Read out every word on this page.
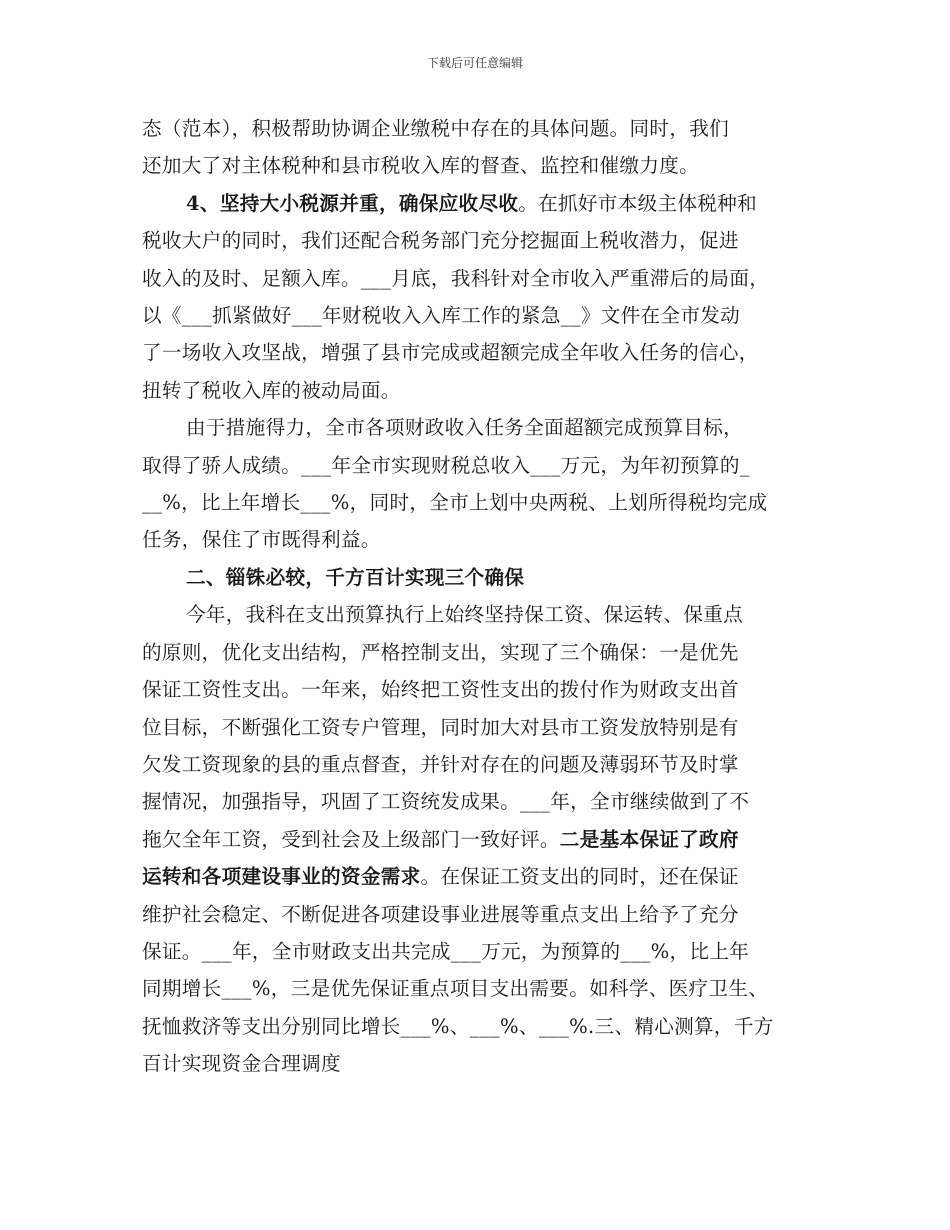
下载后可任意编辑

态（范本），积极帮助协调企业缴税中存在的具体问题。同时，我们
还加大了对主体税种和县市税收入库的督查、监控和催缴力度。

4、坚持大小税源并重，确保应收尽收。在抓好市本级主体税种和
税收大户的同时，我们还配合税务部门充分挖掘面上税收潜力，促进
收入的及时、足额入库。___月底，我科针对全市收入严重滞后的局面，
以《___抓紧做好___年财税收入入库工作的紧急__》文件在全市发动
了一场收入攻坚战，增强了县市完成或超额完成全年收入任务的信心，
扭转了税收入库的被动局面。

由于措施得力，全市各项财政收入任务全面超额完成预算目标，
取得了骄人成绩。___年全市实现财税总收入___万元，为年初预算的_
__%，比上年增长___%，同时，全市上划中央两税、上划所得税均完成
任务，保住了市既得利益。

二、锱铢必较，千方百计实现三个确保

今年，我科在支出预算执行上始终坚持保工资、保运转、保重点
的原则，优化支出结构，严格控制支出，实现了三个确保：一是优先
保证工资性支出。一年来，始终把工资性支出的拨付作为财政支出首
位目标，不断强化工资专户管理，同时加大对县市工资发放特别是有
欠发工资现象的县的重点督查，并针对存在的问题及薄弱环节及时掌
握情况，加强指导，巩固了工资统发成果。___年，全市继续做到了不
拖欠全年工资，受到社会及上级部门一致好评。二是基本保证了政府
运转和各项建设事业的资金需求。在保证工资支出的同时，还在保证
维护社会稳定、不断促进各项建设事业进展等重点支出上给予了充分
保证。___年，全市财政支出共完成___万元，为预算的___%，比上年
同期增长___%，三是优先保证重点项目支出需要。如科学、医疗卫生、
抚恤救济等支出分别同比增长___%、___%、___%.三、精心测算，千方
百计实现资金合理调度
